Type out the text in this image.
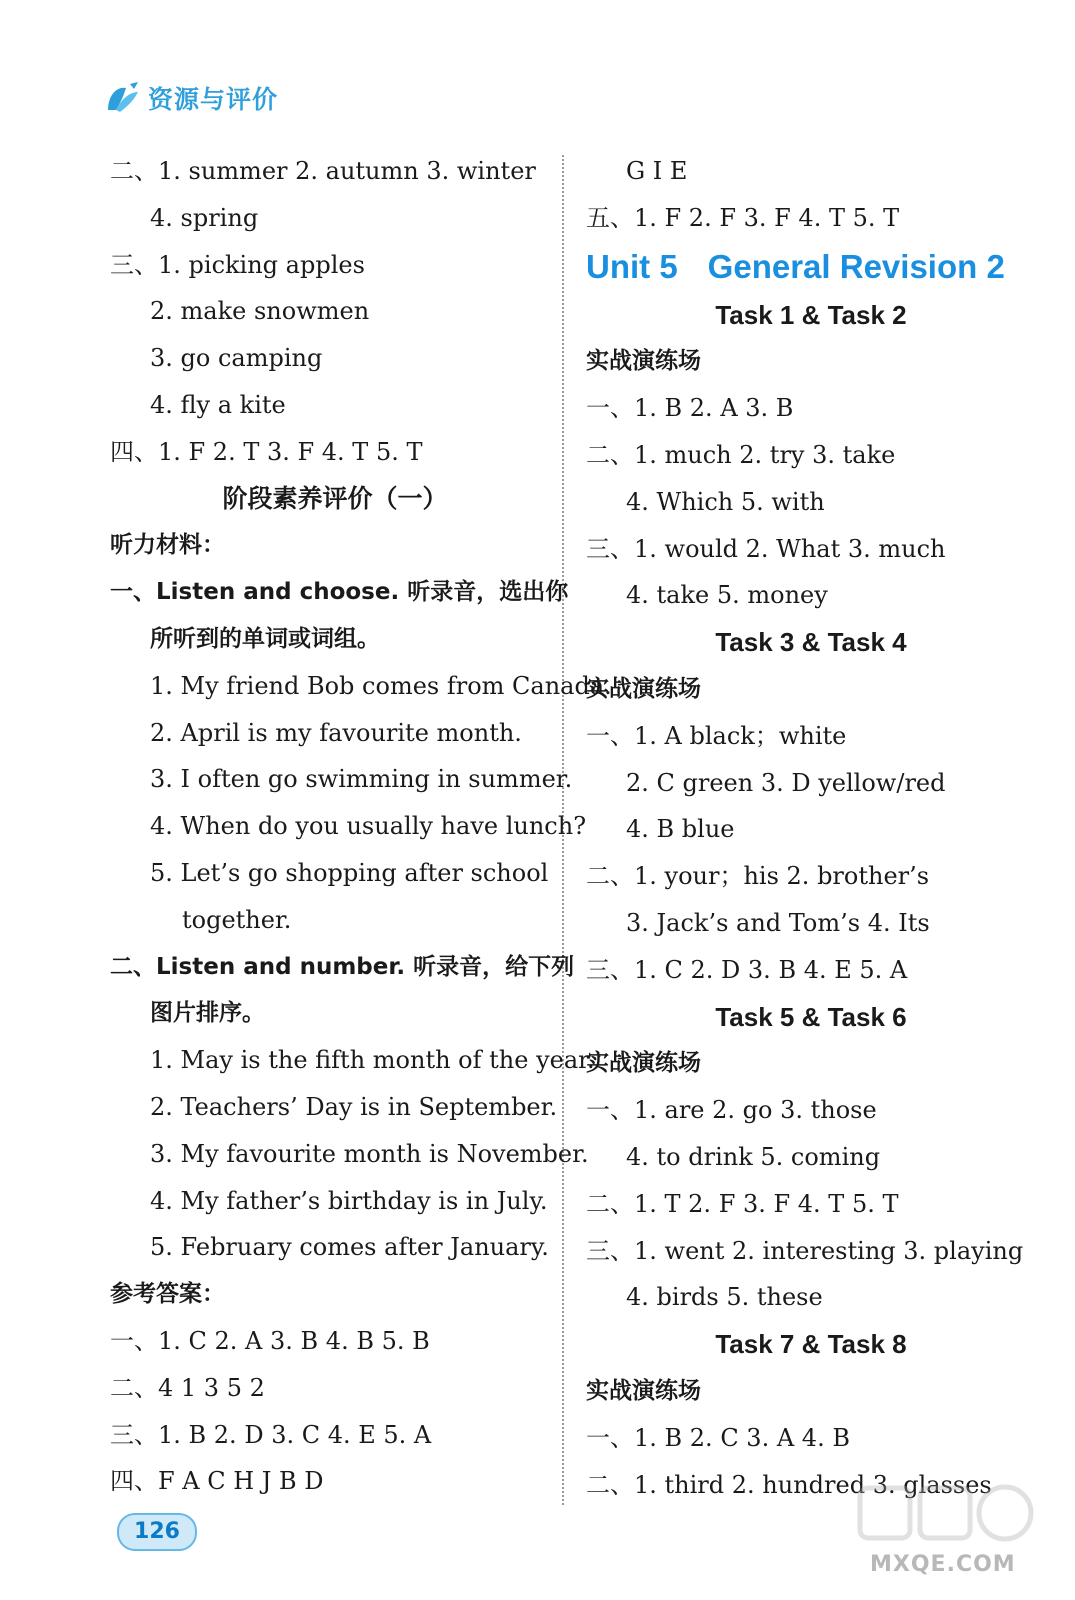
资源与评价
二、1. summer 2. autumn 3. winter
4. spring
三、1. picking apples
2. make snowmen
3. go camping
4. fly a kite
四、1. F 2. T 3. F 4. T 5. T
阶段素养评价（一）
听力材料：
一、Listen and choose. 听录音，选出你
所听到的单词或词组。
1. My friend Bob comes from Canada.
2. April is my favourite month.
3. I often go swimming in summer.
4. When do you usually have lunch?
5. Let’s go shopping after school
together.
二、Listen and number. 听录音，给下列
图片排序。
1. May is the fifth month of the year.
2. Teachers’ Day is in September.
3. My favourite month is November.
4. My father’s birthday is in July.
5. February comes after January.
参考答案：
一、1. C 2. A 3. B 4. B 5. B
二、4 1 3 5 2
三、1. B 2. D 3. C 4. E 5. A
四、F A C H J B D
G I E
五、1. F 2. F 3. F 4. T 5. T
Unit 5 General Revision 2
Task 1 & Task 2
实战演练场
一、1. B 2. A 3. B
二、1. much 2. try 3. take
4. Which 5. with
三、1. would 2. What 3. much
4. take 5. money
Task 3 & Task 4
实战演练场
一、1. A black；white
2. C green 3. D yellow/red
4. B blue
二、1. your；his 2. brother’s
3. Jack’s and Tom’s 4. Its
三、1. C 2. D 3. B 4. E 5. A
Task 5 & Task 6
实战演练场
一、1. are 2. go 3. those
4. to drink 5. coming
二、1. T 2. F 3. F 4. T 5. T
三、1. went 2. interesting 3. playing
4. birds 5. these
Task 7 & Task 8
实战演练场
一、1. B 2. C 3. A 4. B
二、1. third 2. hundred 3. glasses
126
MXQE.COM
